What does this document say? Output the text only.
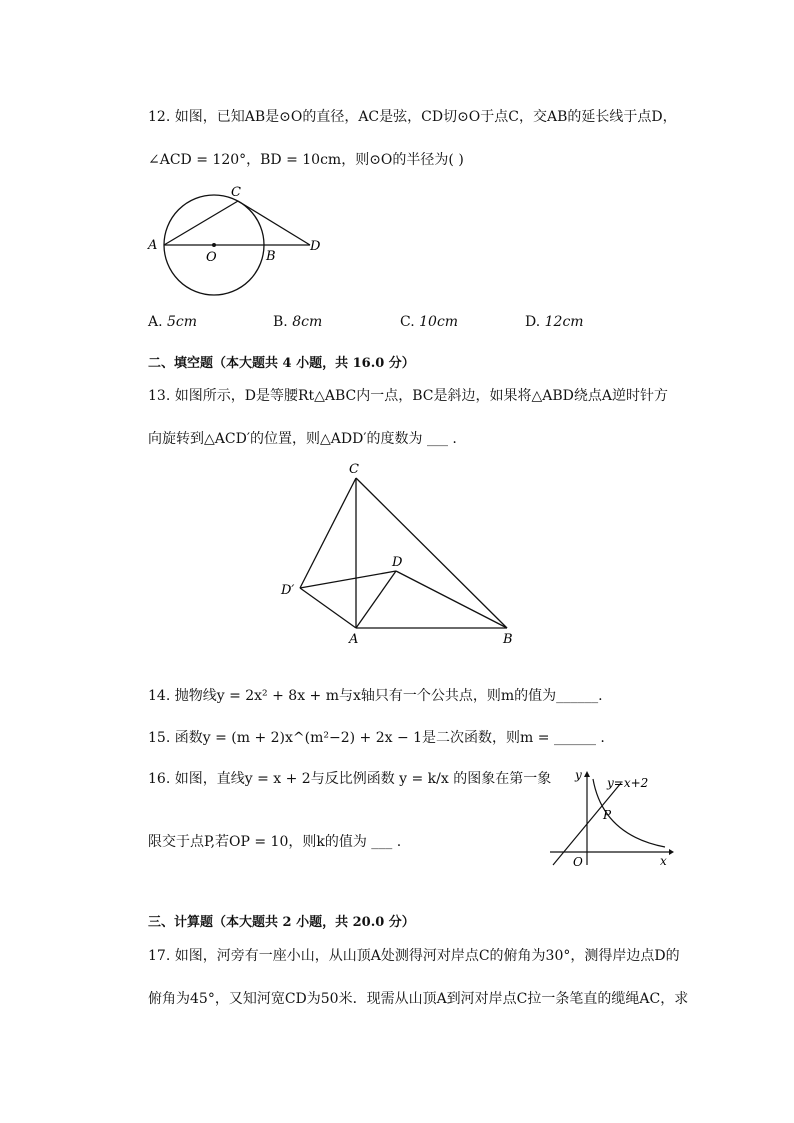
12. 如图，已知AB是⊙O的直径，AC是弦，CD切⊙O于点C，交AB的延长线于点D，
∠ACD = 120°，BD = 10cm，则⊙O的半径为( )
A
O	B
C
D
A. 5cm	B. 8cm	C. 10cm	D. 12cm
二、填空题（本大题共 4 小题，共 16.0 分）
13. 如图所示，D是等腰Rt△ABC内一点，BC是斜边，如果将△ABD绕点A逆时针方
向旋转到△ACD′的位置，则△ADD′的度数为 ___ .
C
D
D′
A	B
14. 抛物线y = 2x² + 8x + m与x轴只有一个公共点，则m的值为______.
15. 函数y = (m + 2)x^(m²−2) + 2x − 1是二次函数，则m = ______ .
16. 如图，直线y = x + 2与反比例函数 y = k/x 的图象在第一象
限交于点P,若OP = 10，则k的值为 ___ .
y
x
O
P
y=x+2
三、计算题（本大题共 2 小题，共 20.0 分）
17. 如图，河旁有一座小山，从山顶A处测得河对岸点C的俯角为30°，测得岸边点D的
俯角为45°，又知河宽CD为50米．现需从山顶A到河对岸点C拉一条笔直的缆绳AC，求
